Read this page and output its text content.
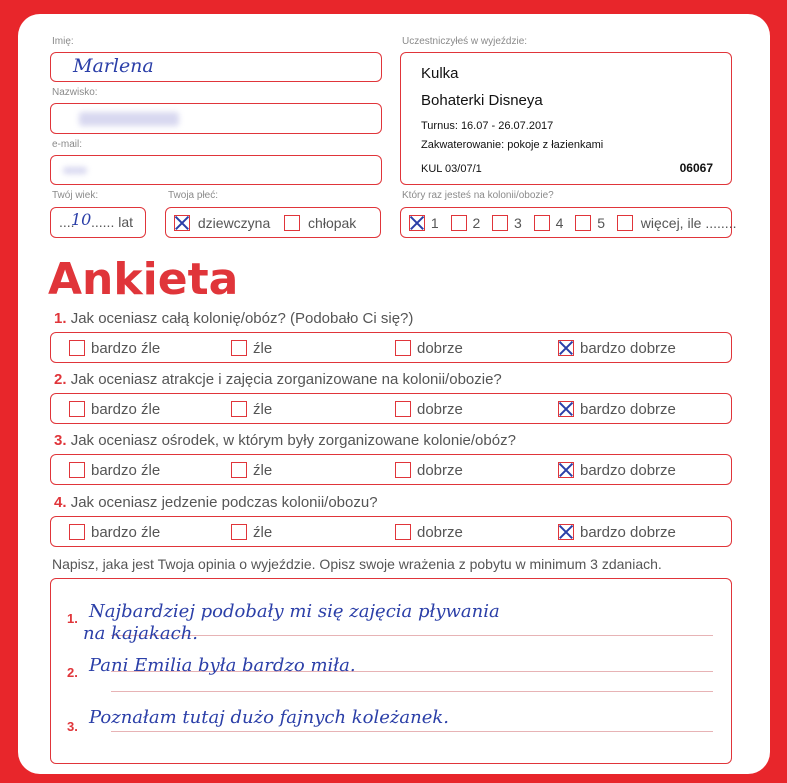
Imię:
Marlena
Nazwisko:
e-mail:
Twój wiek:
....
10 ...... lat
Twoja płeć:
dziewczyna	chłopak
Uczestniczyłeś w wyjeździe:
Kulka
Bohaterki Disneya
Turnus: 16.07 - 26.07.2017
Zakwaterowanie: pokoje z łazienkami
KUL 03/07/1	06067
Który raz jesteś na kolonii/obozie?
1 2 3 4 5	więcej, ile ........
Ankieta
1. Jak oceniasz całą kolonię/obóz? (Podobało Ci się?)
bardzo źle	źle	dobrze	bardzo dobrze
2. Jak oceniasz atrakcje i zajęcia zorganizowane na kolonii/obozie?
bardzo źle	źle	dobrze	bardzo dobrze
3. Jak oceniasz ośrodek, w którym były zorganizowane kolonie/obóz?
bardzo źle	źle	dobrze	bardzo dobrze
4. Jak oceniasz jedzenie podczas kolonii/obozu?
bardzo źle	źle	dobrze	bardzo dobrze
Napisz, jaka jest Twoja opinia o wyjeździe. Opisz swoje wrażenia z pobytu w minimum 3 zdaniach.
1. Najbardziej podobały mi się zajęcia pływania
na kajakach.
2. Pani Emilia była bardzo miła.
3. Poznałam tutaj dużo fajnych koleżanek.
